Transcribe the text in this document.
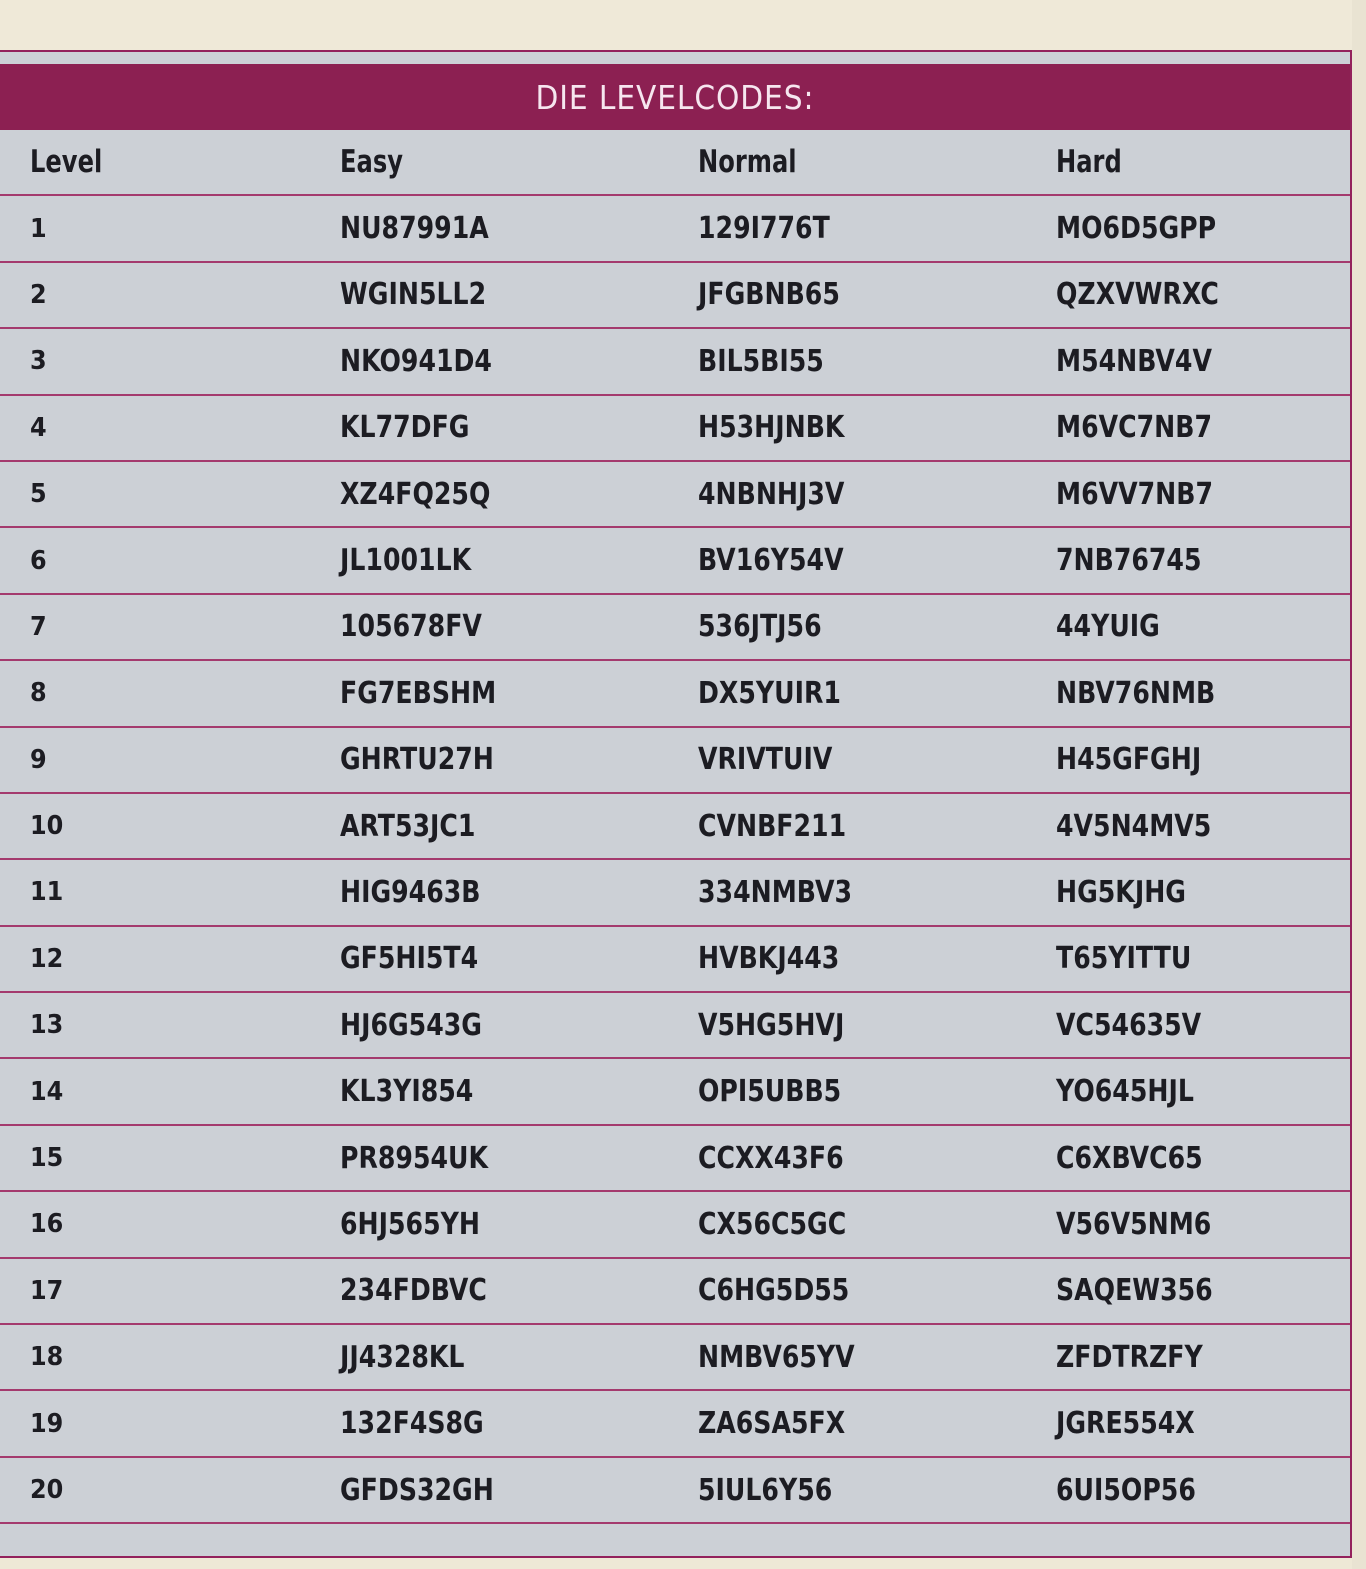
DIE LEVELCODES:
Level	Easy	Normal	Hard
1	NU87991A	129I776T	MO6D5GPP
2	WGIN5LL2	JFGBNB65	QZXVWRXC
3	NKO941D4	BIL5BI55	M54NBV4V
4	KL77DFG	H53HJNBK	M6VC7NB7
5	XZ4FQ25Q	4NBNHJ3V	M6VV7NB7
6	JL1001LK	BV16Y54V	7NB76745
7	105678FV	536JTJ56	44YUIG
8	FG7EBSHM	DX5YUIR1	NBV76NMB
9	GHRTU27H	VRIVTUIV	H45GFGHJ
10	ART53JC1	CVNBF211	4V5N4MV5
11	HIG9463B	334NMBV3	HG5KJHG
12	GF5HI5T4	HVBKJ443	T65YITTU
13	HJ6G543G	V5HG5HVJ	VC54635V
14	KL3YI854	OPI5UBB5	YO645HJL
15	PR8954UK	CCXX43F6	C6XBVC65
16	6HJ565YH	CX56C5GC	V56V5NM6
17	234FDBVC	C6HG5D55	SAQEW356
18	JJ4328KL	NMBV65YV	ZFDTRZFY
19	132F4S8G	ZA6SA5FX	JGRE554X
20	GFDS32GH	5IUL6Y56	6UI5OP56
